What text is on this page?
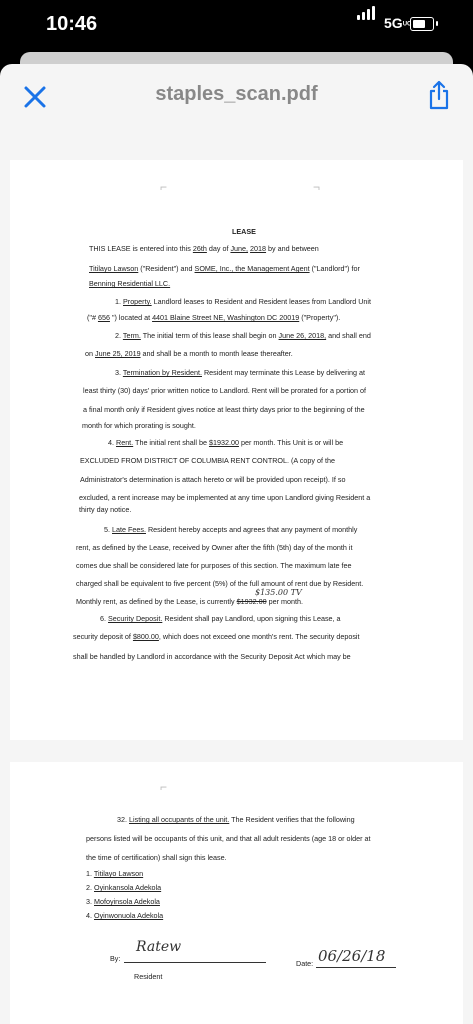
10:46	5GUC
staples_scan.pdf
⌐	¬
LEASE
THIS LEASE is entered into this 26th day of June, 2018 by and between
Titilayo Lawson ("Resident") and SOME, Inc., the Management Agent ("Landlord") for
Benning Residential LLC.
1. Property. Landlord leases to Resident and Resident leases from Landlord Unit
("# 656 ") located at 4401 Blaine Street NE, Washington DC 20019 ("Property").
2. Term. The initial term of this lease shall begin on June 26, 2018, and shall end
on June 25, 2019 and shall be a month to month lease thereafter.
3. Termination by Resident. Resident may terminate this Lease by delivering at
least thirty (30) days' prior written notice to Landlord. Rent will be prorated for a portion of
a final month only if Resident gives notice at least thirty days prior to the beginning of the
month for which prorating is sought.
4. Rent. The initial rent shall be $1932.00 per month. This Unit is or will be
EXCLUDED FROM DISTRICT OF COLUMBIA RENT CONTROL. (A copy of the
Administrator's determination is attach hereto or will be provided upon receipt). If so
excluded, a rent increase may be implemented at any time upon Landlord giving Resident a
thirty day notice.
5. Late Fees. Resident hereby accepts and agrees that any payment of monthly
rent, as defined by the Lease, received by Owner after the fifth (5th) day of the month it
comes due shall be considered late for purposes of this section. The maximum late fee
charged shall be equivalent to five percent (5%) of the full amount of rent due by Resident.
$135.00 TV
Monthly rent, as defined by the Lease, is currently $1932.00 per month.
6. Security Deposit. Resident shall pay Landlord, upon signing this Lease, a
security deposit of $800.00, which does not exceed one month's rent. The security deposit
shall be handled by Landlord in accordance with the Security Deposit Act which may be
⌐
32. Listing all occupants of the unit. The Resident verifies that the following
persons listed will be occupants of this unit, and that all adult residents (age 18 or older at
the time of certification) shall sign this lease.
1. Titilayo Lawson
2. Oyinkansola Adekola
3. Mofoyinsola Adekola
4. Oyinwonuola Adekola
By:
Ratew
Resident
Date: 06/26/18
